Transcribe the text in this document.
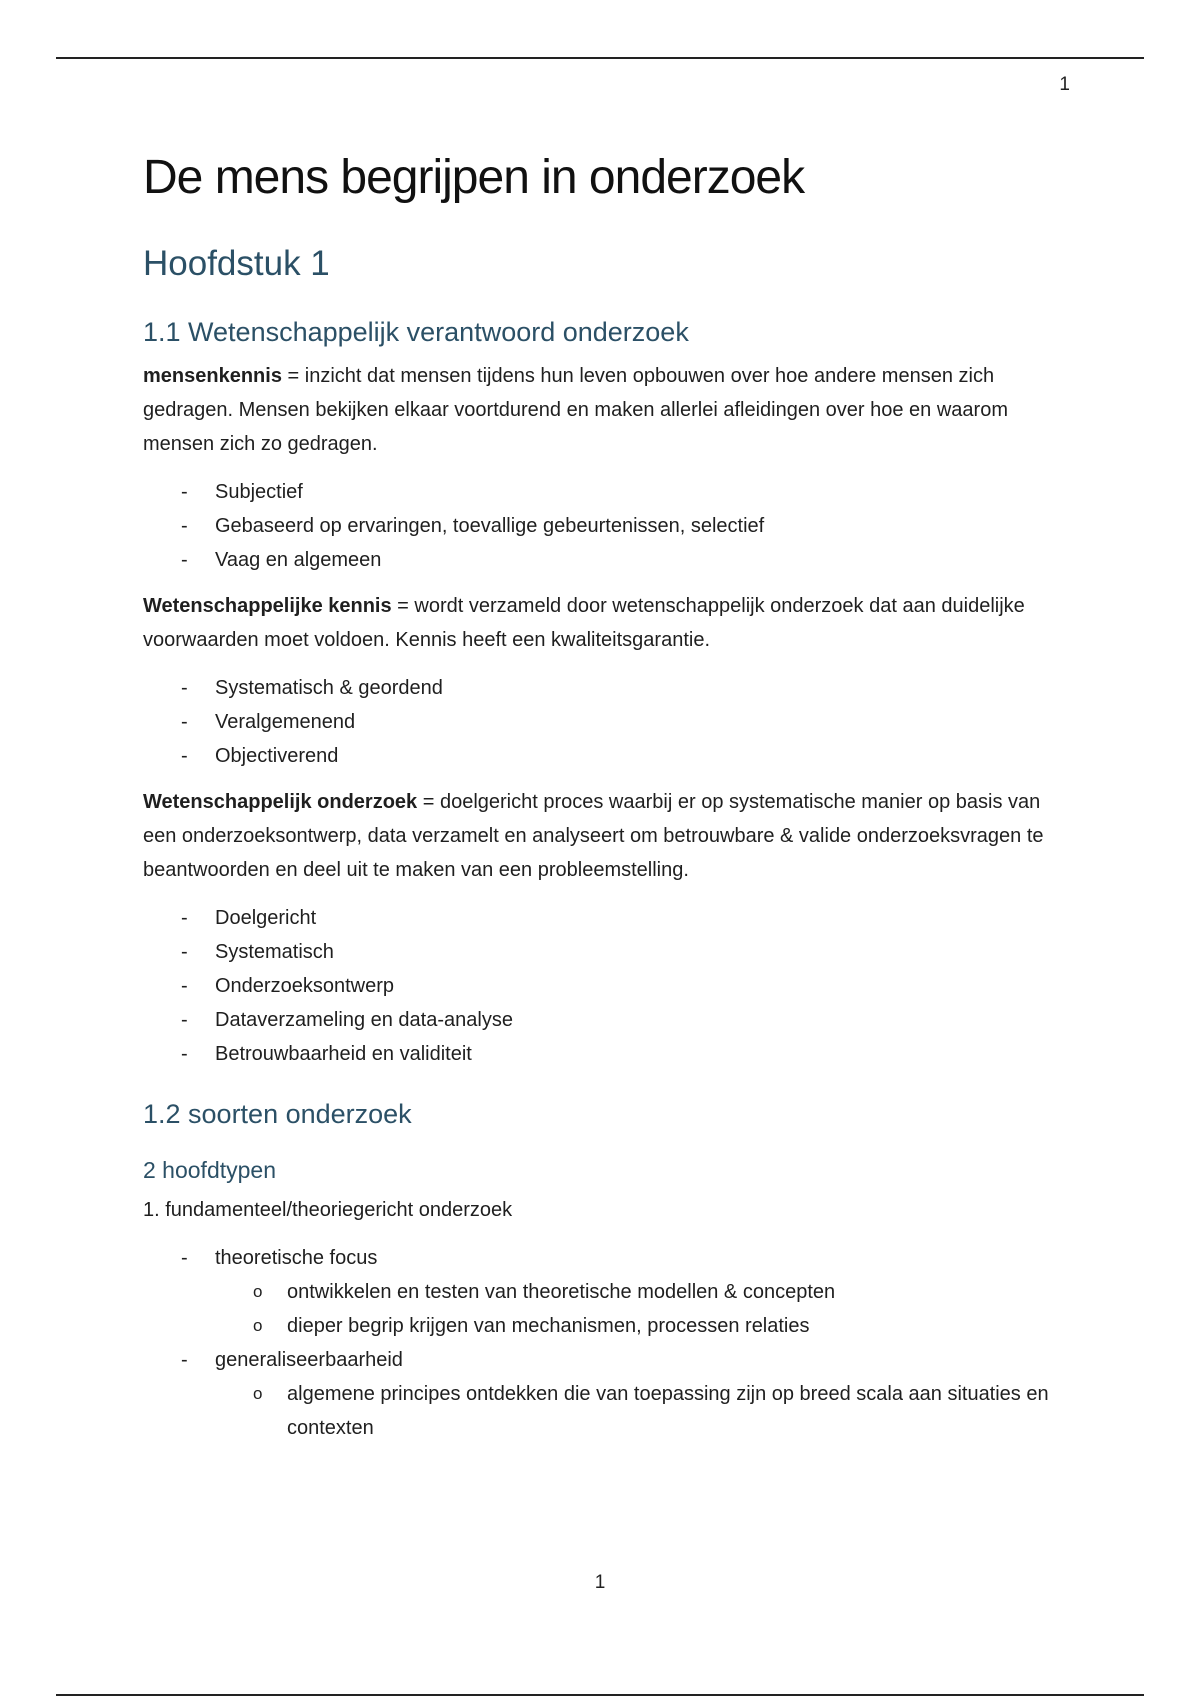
1
De mens begrijpen in onderzoek
Hoofdstuk 1
1.1 Wetenschappelijk verantwoord onderzoek

mensenkennis = inzicht dat mensen tijdens hun leven opbouwen over hoe andere mensen zich gedragen. Mensen bekijken elkaar voortdurend en maken allerlei afleidingen over hoe en waarom mensen zich zo gedragen.

- Subjectief
- Gebaseerd op ervaringen, toevallige gebeurtenissen, selectief
- Vaag en algemeen

Wetenschappelijke kennis = wordt verzameld door wetenschappelijk onderzoek dat aan duidelijke voorwaarden moet voldoen. Kennis heeft een kwaliteitsgarantie.

- Systematisch & geordend
- Veralgemenend
- Objectiverend

Wetenschappelijk onderzoek = doelgericht proces waarbij er op systematische manier op basis van een onderzoeksontwerp, data verzamelt en analyseert om betrouwbare & valide onderzoeksvragen te beantwoorden en deel uit te maken van een probleemstelling.

- Doelgericht
- Systematisch
- Onderzoeksontwerp
- Dataverzameling en data-analyse
- Betrouwbaarheid en validiteit
1.2 soorten onderzoek
2 hoofdtypen

1. fundamenteel/theoriegericht onderzoek

- theoretische focus
o ontwikkelen en testen van theoretische modellen & concepten
o dieper begrip krijgen van mechanismen, processen relaties
- generaliseerbaarheid
o algemene principes ontdekken die van toepassing zijn op breed scala aan situaties en contexten
1
